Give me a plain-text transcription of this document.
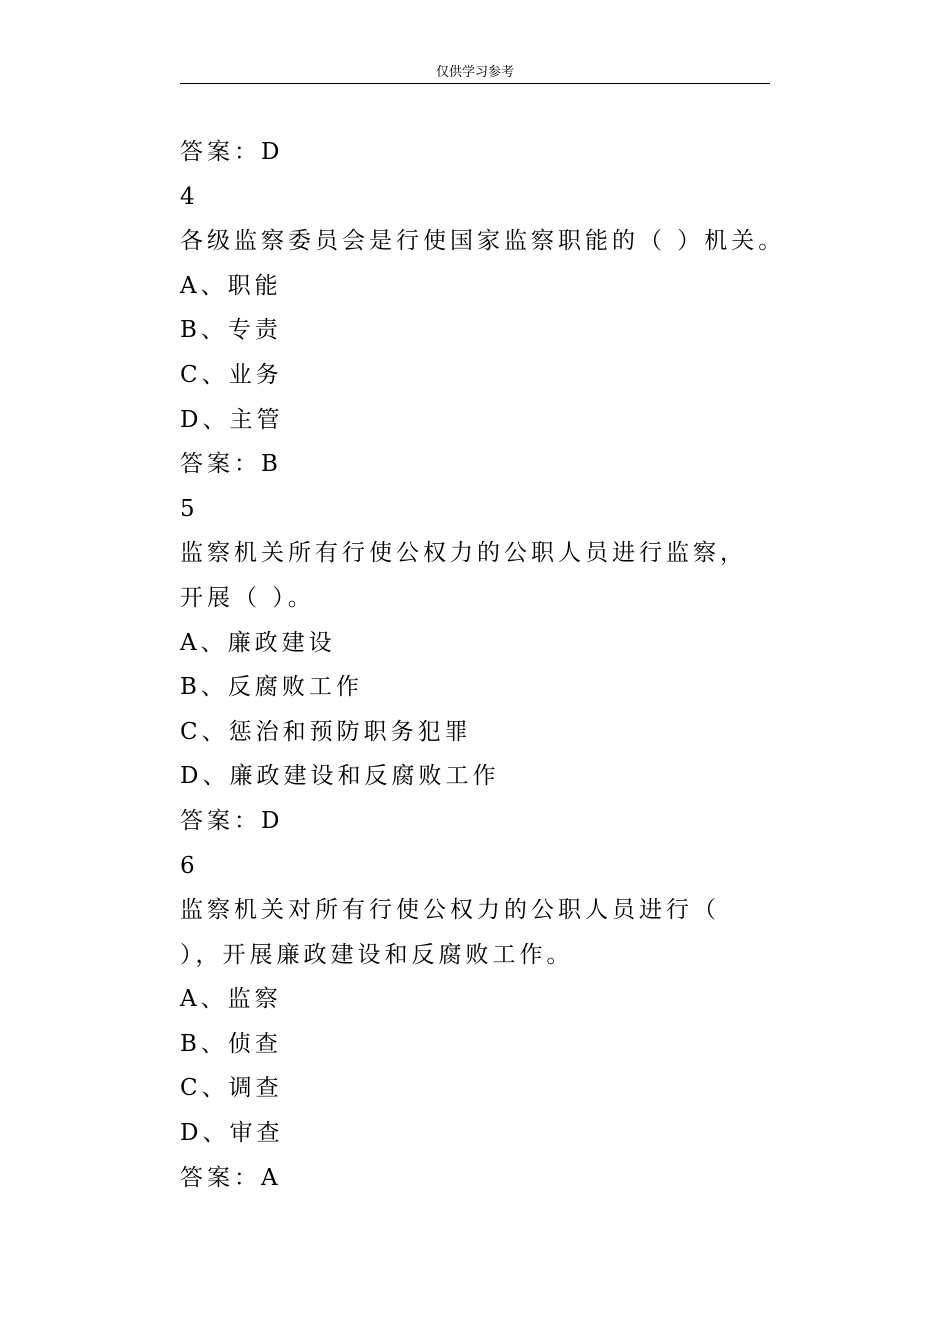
仅供学习参考
答案：D
4
各级监察委员会是行使国家监察职能的（ ）机关。
A、职能
B、专责
C、业务
D、主管
答案：B
5
监察机关所有行使公权力的公职人员进行监察，开展（ ）。
A、廉政建设
B、反腐败工作
C、惩治和预防职务犯罪
D、廉政建设和反腐败工作
答案：D
6
监察机关对所有行使公权力的公职人员进行（ ），开展廉政建设和反腐败工作。
A、监察
B、侦查
C、调查
D、审查
答案：A
